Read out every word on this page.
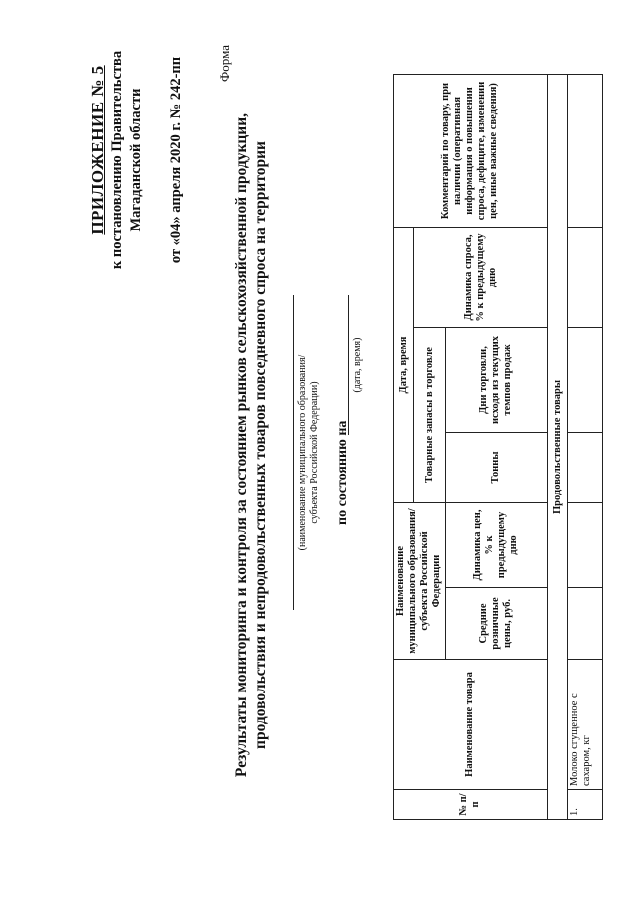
ПРИЛОЖЕНИЕ № 5 к постановлению Правительства Магаданской области от «04» апреля 2020 г. № 242-пп	Форма
Результаты мониторинга и контроля за состоянием рынков сельскохозяйственной продукции, продовольствия и непродовольственных товаров повседневного спроса на территории	(наименование муниципального образования/ субъекта Российской Федерации) по состоянию на
(дата, время)
№ п/п	Наименование товара	Наименование муниципального образования/ субъекта Российской Федерации		Дата, время			Комментарий по товару, при наличии (оперативная информация о повышении спроса, дефиците, изменении цен, иные важные сведения)
				Товарные запасы в торговле		Динамика спроса, % к предыдущему дню	
		Средние розничные цены, руб.	Динамика цен, % к предыдущему дню	Тонны	Дни торговли, исходя из текущих темпов продаж		
Продовольственные товары							
1.	Молоко сгущенное с сахаром, кг						
